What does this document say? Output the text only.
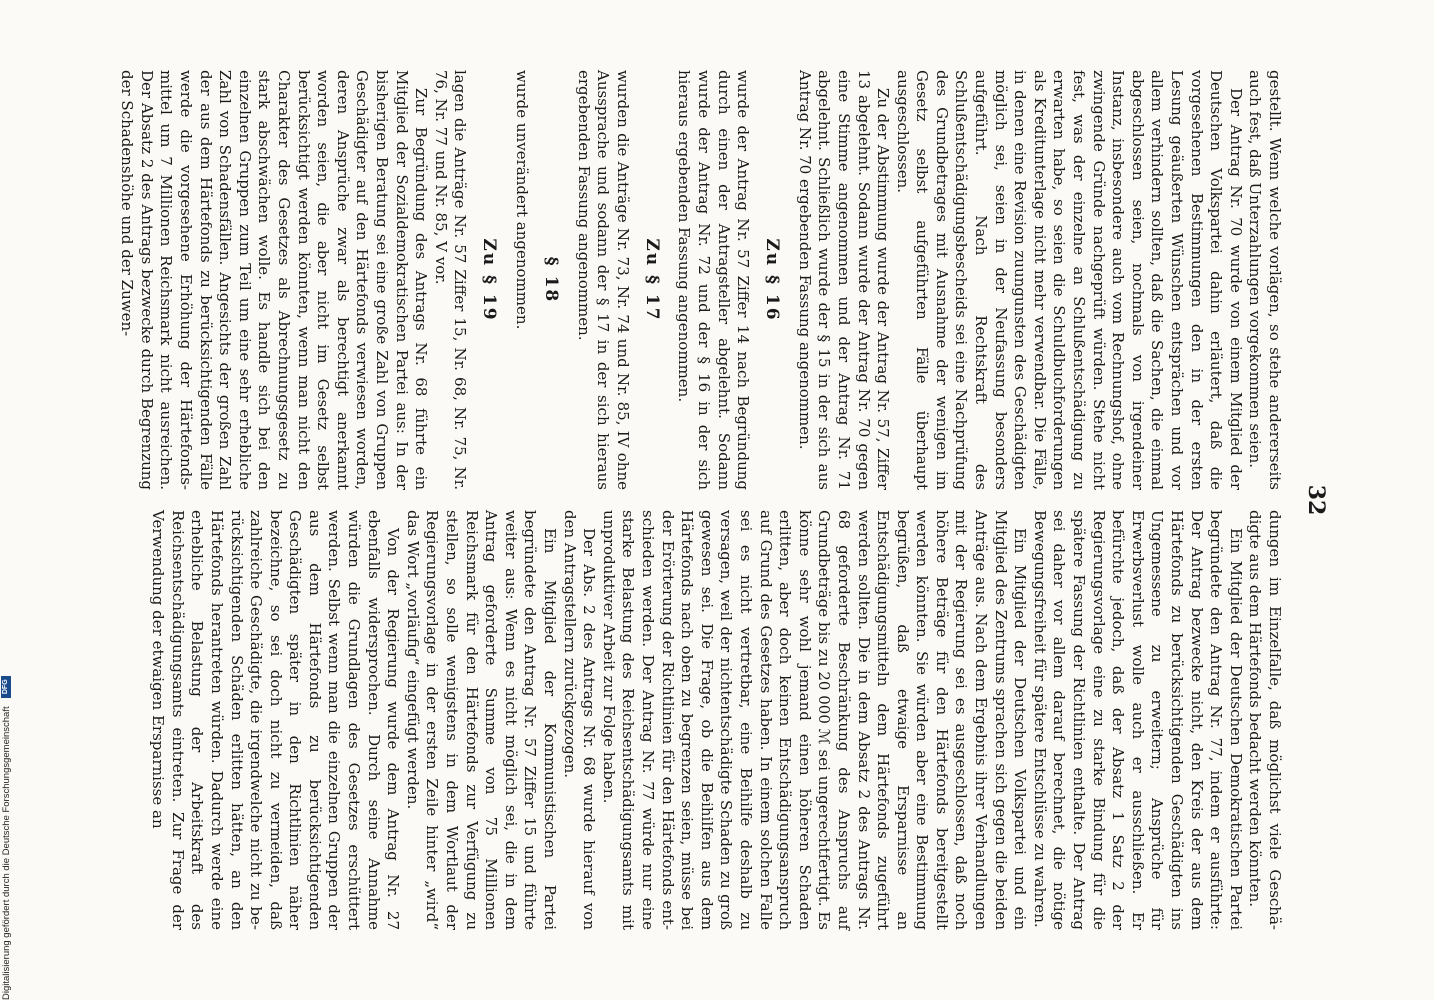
32

gestellt. Wenn welche vorlägen, so stehe andererseits auch fest, daß Unterzahlungen vorgekommen seien.

Der Antrag Nr. 70 wurde von einem Mitglied der Deutschen Volkspartei dahin erläutert, daß die vorgesehenen Bestimmungen den in der ersten Lesung geäußerten Wünschen entsprächen und vor allem verhindern sollten, daß die Sachen, die einmal abgeschlossen seien, nochmals von irgendeiner Instanz, insbesondere auch vom Rechnungshof, ohne zwingende Gründe nachgeprüft würden. Stehe nicht fest, was der einzelne an Schlußentschädigung zu erwarten habe, so seien die Schuldbuchforderungen als Kreditunterlage nicht mehr verwendbar. Die Fälle, in denen eine Revision zuungunsten des Geschädigten möglich sei, seien in der Neufassung besonders aufgeführt. Nach Rechtskraft des Schlußentschädigungsbescheids sei eine Nachprüfung des Grundbetrages mit Ausnahme der wenigen im Gesetz selbst aufgeführten Fälle überhaupt ausgeschlossen.

Zu der Abstimmung wurde der Antrag Nr. 57, Ziffer 13 abgelehnt. Sodann wurde der Antrag Nr. 70 gegen eine Stimme angenommen und der Antrag Nr. 71 abgelehnt. Schließlich wurde der § 15 in der sich aus Antrag Nr. 70 ergebenden Fassung angenommen.

Zu § 16

wurde der Antrag Nr. 57 Ziffer 14 nach Begründung durch einen der Antragsteller abgelehnt. Sodann wurde der Antrag Nr. 72 und der § 16 in der sich hieraus ergebenden Fassung angenommen.

Zu § 17

wurden die Anträge Nr. 73, Nr. 74 und Nr. 85, IV ohne Aussprache und sodann der § 17 in der sich hieraus ergebenden Fassung angenommen.

§ 18

wurde unverändert angenommen.

Zu § 19

lagen die Anträge Nr. 57 Ziffer 15, Nr. 68, Nr. 75, Nr. 76, Nr. 77 und Nr. 85, V vor.

Zur Begründung des Antrags Nr. 68 führte ein Mitglied der Sozialdemokratischen Partei aus: In der bisherigen Beratung sei eine große Zahl von Gruppen Geschädigter auf den Härtefonds verwiesen worden, deren Ansprüche zwar als berechtigt anerkannt worden seien, die aber nicht im Gesetz selbst berücksichtigt werden könnten, wenn man nicht den Charakter des Gesetzes als Abrechnungsgesetz zu stark abschwächen wolle. Es handle sich bei den einzelnen Gruppen zum Teil um eine sehr erhebliche Zahl von Schadensfällen. Angesichts der großen Zahl der aus dem Härtefonds zu berücksichtigenden Fälle werde die vorgesehene Erhöhung der Härtefondsmittel um 7 Millionen Reichsmark nicht ausreichen. Der Absatz 2 des Antrags bezwecke durch Begrenzung der Schadenshöhe und der Zuwen-

dungen im Einzelfalle, daß möglichst viele Geschädigte aus dem Härtefonds bedacht werden könnten.

Ein Mitglied der Deutschen Demokratischen Partei begründete den Antrag Nr. 77, indem er ausführte: Der Antrag bezwecke nicht, den Kreis der aus dem Härtefonds zu berücksichtigenden Geschädigten ins Ungemessene zu erweitern; Ansprüche für Erwerbsverlust wolle auch er ausschließen. Er befürchte jedoch, daß der Absatz 1 Satz 2 der Regierungsvorlage eine zu starke Bindung für die spätere Fassung der Richtlinien enthalte. Der Antrag sei daher vor allem darauf berechnet, die nötige Bewegungsfreiheit für spätere Entschlüsse zu wahren.

Ein Mitglied der Deutschen Volkspartei und ein Mitglied des Zentrums sprachen sich gegen die beiden Anträge aus. Nach dem Ergebnis ihrer Verhandlungen mit der Regierung sei es ausgeschlossen, daß noch höhere Beträge für den Härtefonds bereitgestellt werden könnten. Sie würden aber eine Bestimmung begrüßen, daß etwaige Ersparnisse an Entschädigungsmitteln dem Härtefonds zugeführt werden sollten. Die in dem Absatz 2 des Antrags Nr. 68 geforderte Beschränkung des Anspruchs auf Grundbeträge bis zu 20 000 ℳ sei ungerechtfertigt. Es könne sehr wohl jemand einen höheren Schaden erlitten, aber doch keinen Entschädigungsanspruch auf Grund des Gesetzes haben. In einem solchen Falle sei es nicht vertretbar, eine Beihilfe deshalb zu versagen, weil der nichtentschädigte Schaden zu groß gewesen sei. Die Frage, ob die Beihilfen aus dem Härtefonds nach oben zu begrenzen seien, müsse bei der Erörterung der Richtlinien für den Härtefonds entschieden werden. Der Antrag Nr. 77 würde nur eine starke Belastung des Reichsentschädigungsamts mit unproduktiver Arbeit zur Folge haben.

Der Abs. 2 des Antrags Nr. 68 wurde hierauf von den Antragstellern zurückgezogen.

Ein Mitglied der Kommunistischen Partei begründete den Antrag Nr. 57 Ziffer 15 und führte weiter aus: Wenn es nicht möglich sei, die in dem Antrag geforderte Summe von 75 Millionen Reichsmark für den Härtefonds zur Verfügung zu stellen, so solle wenigstens in dem Wortlaut der Regierungsvorlage in der ersten Zeile hinter „wird“ das Wort „vorläufig“ eingefügt werden.

Von der Regierung wurde dem Antrag Nr. 27 ebenfalls widersprochen. Durch seine Annahme würden die Grundlagen des Gesetzes erschüttert werden. Selbst wenn man die einzelnen Gruppen der aus dem Härtefonds zu berücksichtigenden Geschädigten später in den Richtlinien näher bezeichne, so sei doch nicht zu vermeiden, daß zahlreiche Geschädigte, die irgendwelche nicht zu berücksichtigenden Schäden erlitten hätten, an den Härtefonds herantreten würden. Dadurch werde eine erhebliche Belastung der Arbeitskraft des Reichsentschädigungsamts eintreten. Zur Frage der Verwendung der etwaigen Ersparnisse an

Digitalisierung gefördert durch die Deutsche Forschungsgemeinschaft DFG
